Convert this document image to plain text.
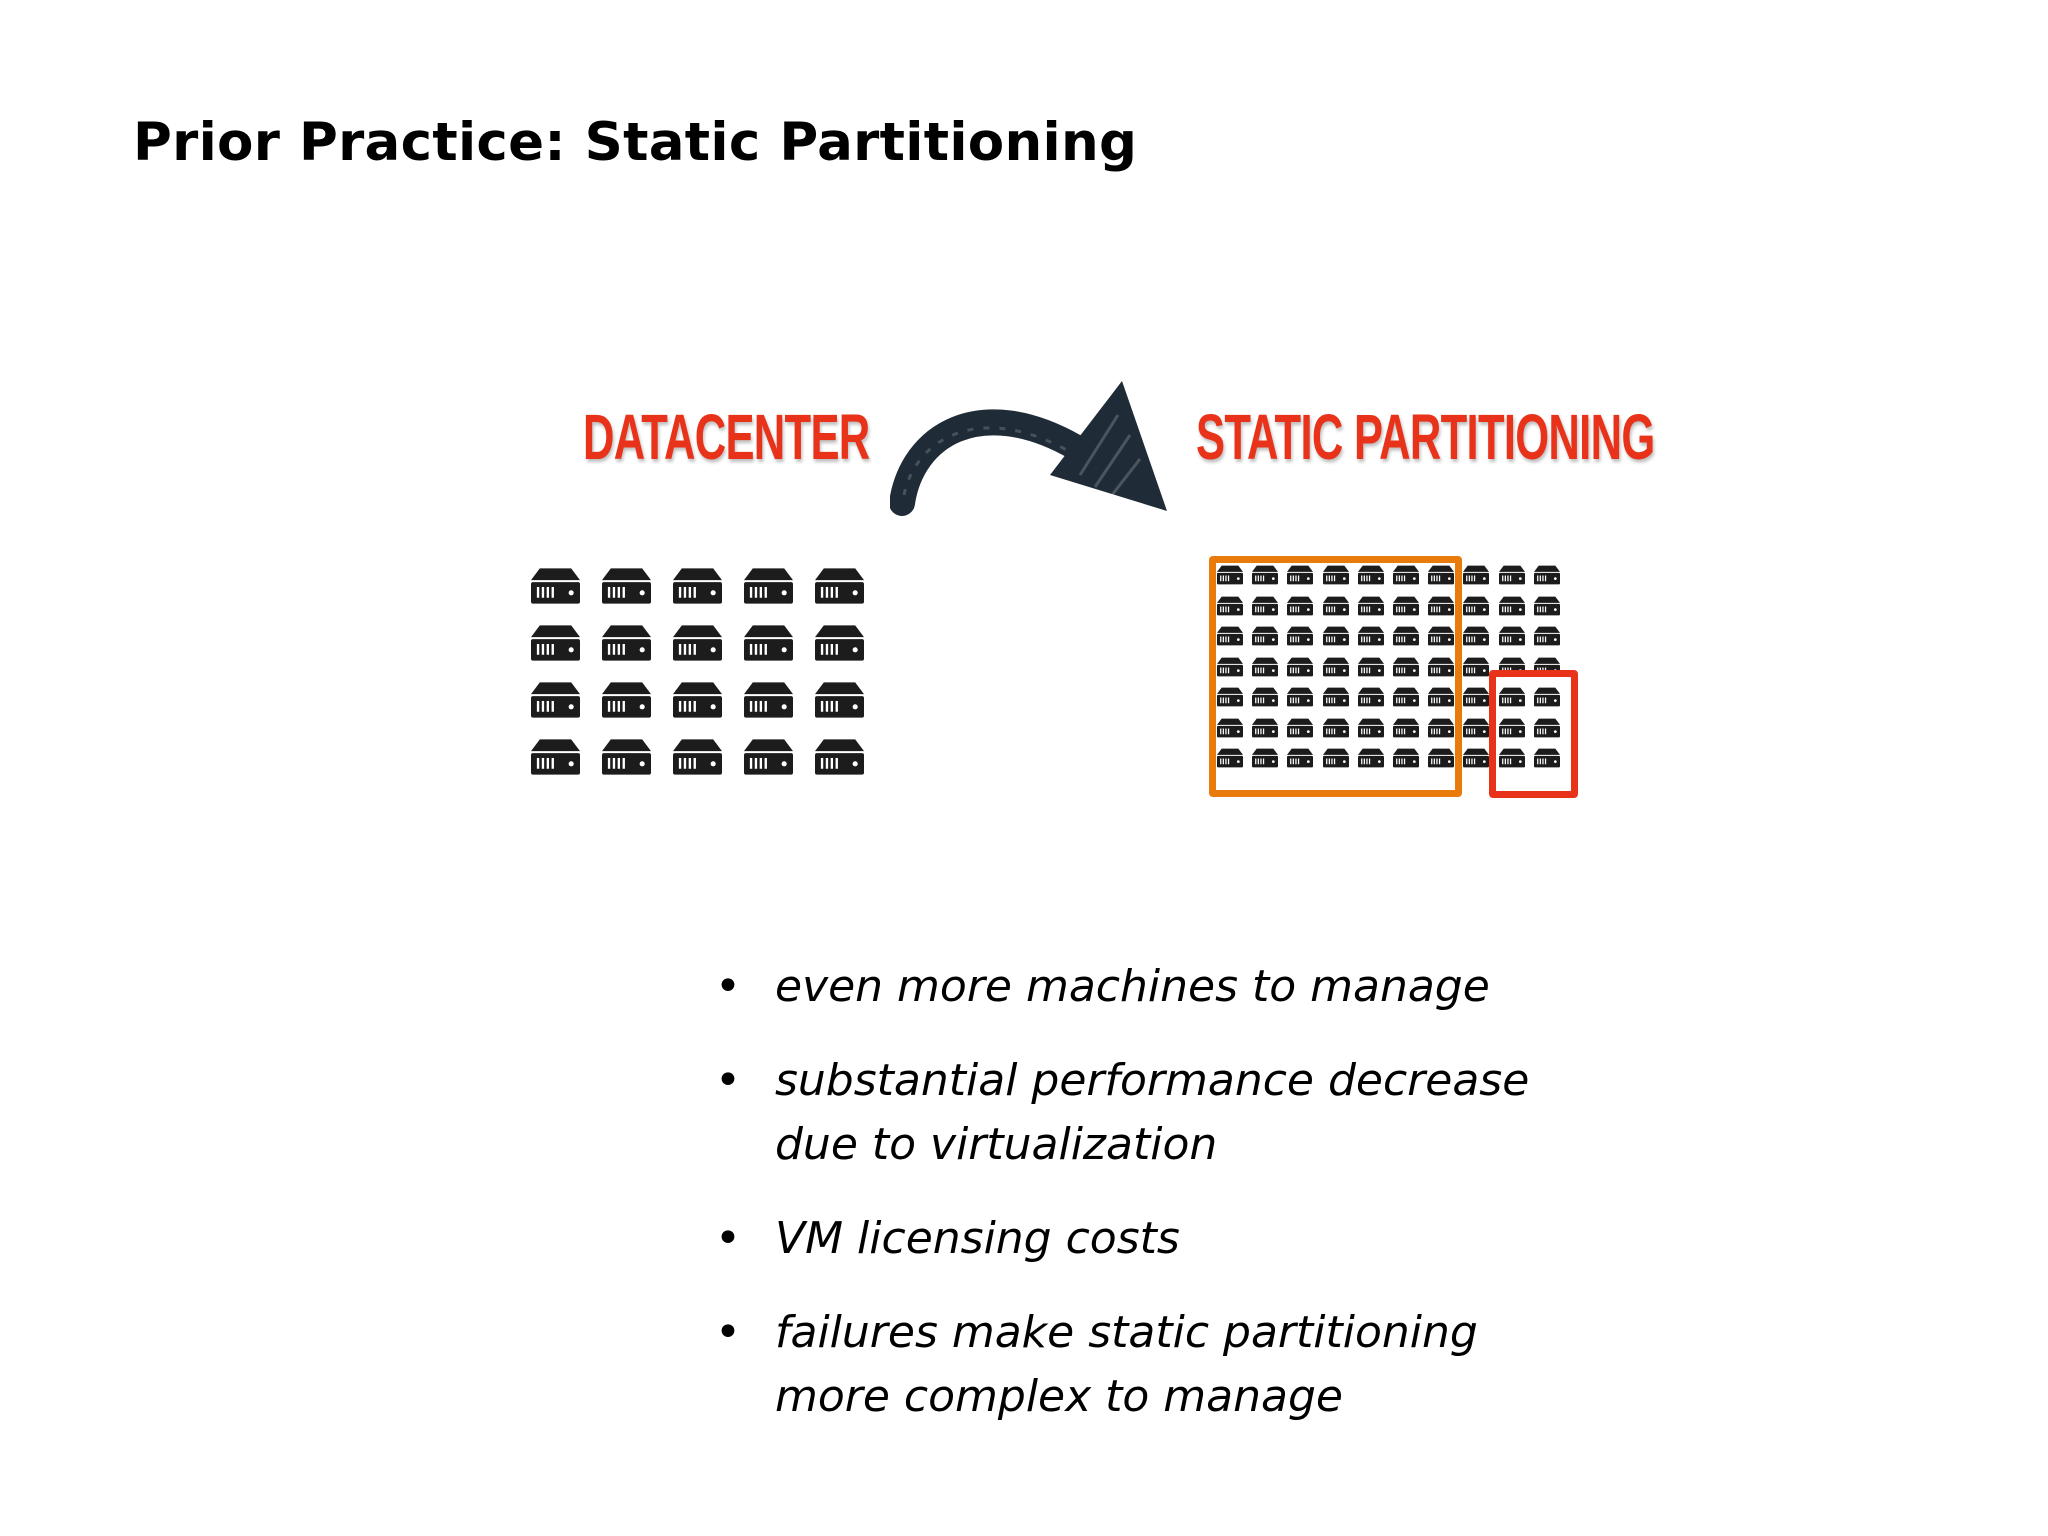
Prior Practice: Static Partitioning
DATACENTER	STATIC PARTITIONING
• even more machines to manage
• substantial performance decrease due to virtualization
• VM licensing costs
• failures make static partitioning more complex to manage
